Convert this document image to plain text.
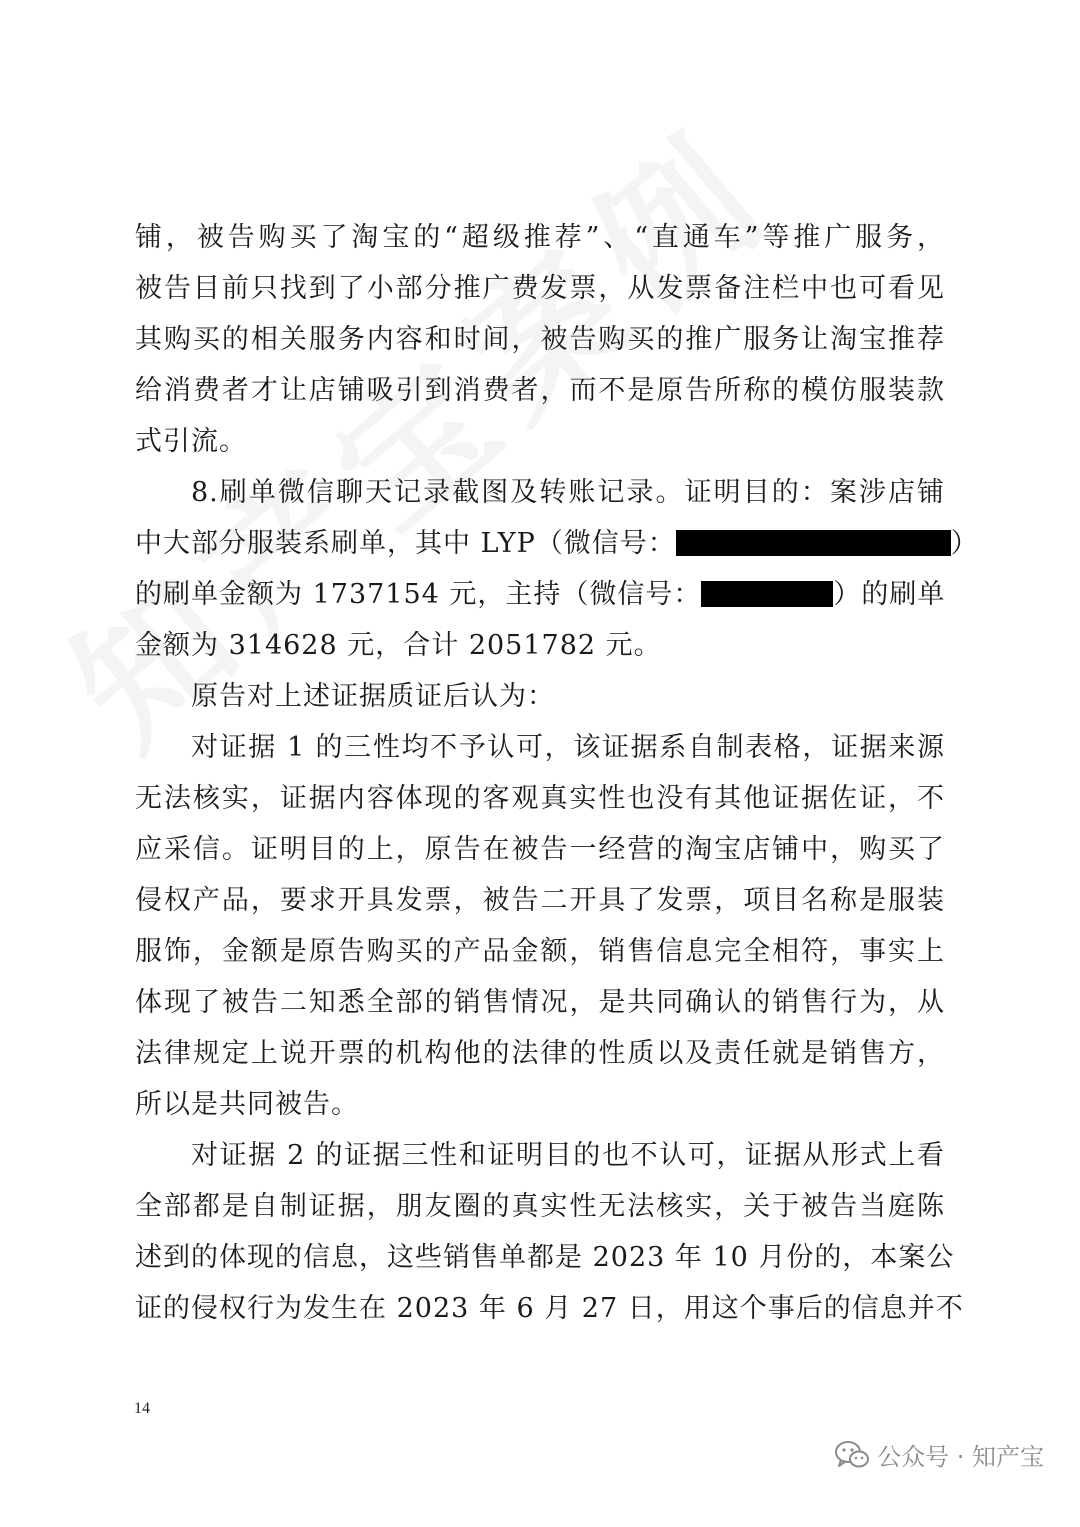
铺，被告购买了淘宝的“超级推荐”、“直通车”等推广服务，
被告目前只找到了小部分推广费发票，从发票备注栏中也可看见
其购买的相关服务内容和时间，被告购买的推广服务让淘宝推荐
给消费者才让店铺吸引到消费者，而不是原告所称的模仿服装款
式引流。
8.刷单微信聊天记录截图及转账记录。证明目的：案涉店铺
中大部分服装系刷单，其中 LYP（微信号：	）
的刷单金额为 1737154 元，主持（微信号：	）的刷单
金额为 314628 元，合计 2051782 元。
原告对上述证据质证后认为：
对证据 1 的三性均不予认可，该证据系自制表格，证据来源
无法核实，证据内容体现的客观真实性也没有其他证据佐证，不
应采信。证明目的上，原告在被告一经营的淘宝店铺中，购买了
侵权产品，要求开具发票，被告二开具了发票，项目名称是服装
服饰，金额是原告购买的产品金额，销售信息完全相符，事实上
体现了被告二知悉全部的销售情况，是共同确认的销售行为，从
法律规定上说开票的机构他的法律的性质以及责任就是销售方，
所以是共同被告。
对证据 2 的证据三性和证明目的也不认可，证据从形式上看
全部都是自制证据，朋友圈的真实性无法核实，关于被告当庭陈
述到的体现的信息，这些销售单都是 2023 年 10 月份的，本案公
证的侵权行为发生在 2023 年 6 月 27 日，用这个事后的信息并不
14
公众号 · 知产宝
